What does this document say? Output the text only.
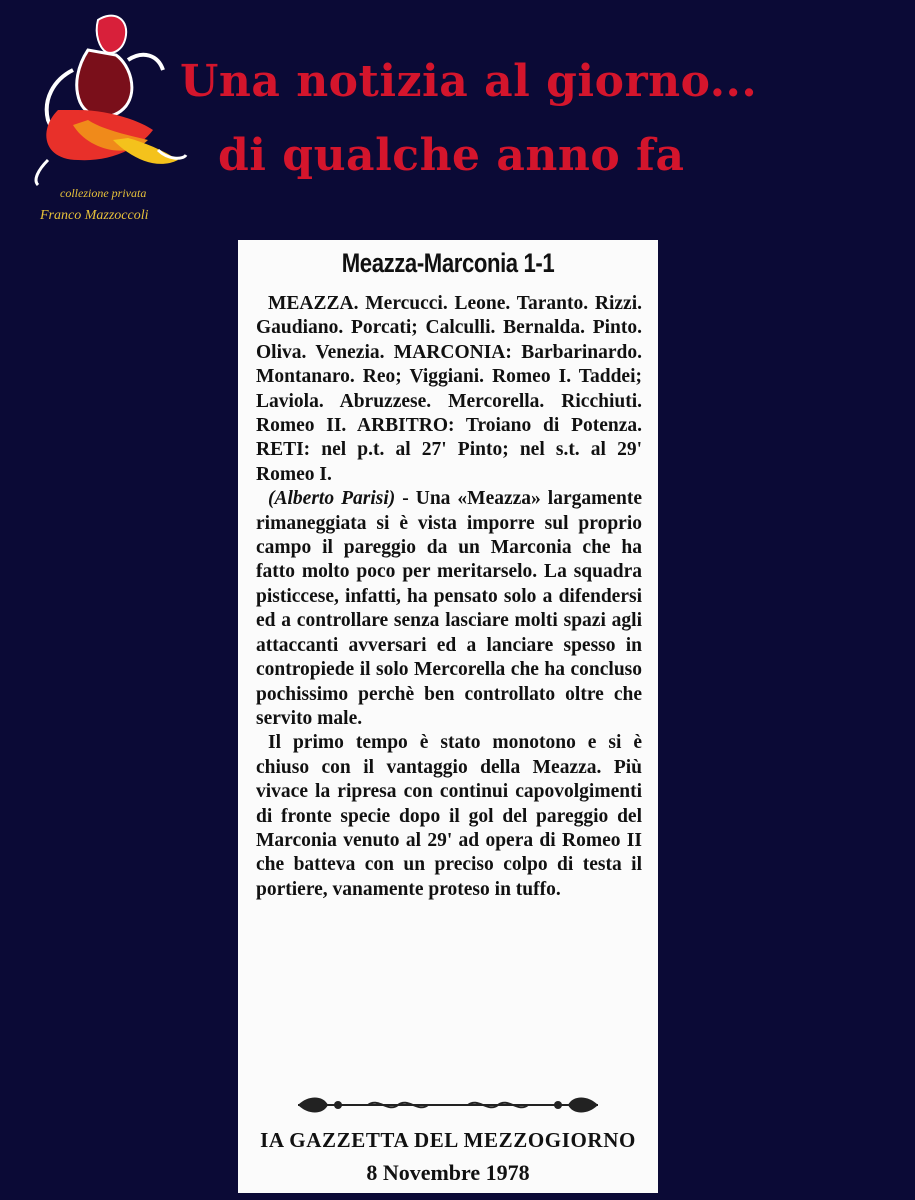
collezione privata
Franco Mazzoccoli
Una notizia al giorno...
di qualche anno fa
Meazza-Marconia 1-1

MEAZZA. Mercucci. Leone. Taranto. Rizzi. Gaudiano. Porcati; Calculli. Bernalda. Pinto. Oliva. Venezia. MARCONIA: Barbarinardo. Montanaro. Reo; Viggiani. Romeo I. Taddei; Laviola. Abruzzese. Mercorella. Ricchiuti. Romeo II. ARBITRO: Troiano di Potenza. RETI: nel p.t. al 27' Pinto; nel s.t. al 29' Romeo I.

(Alberto Parisi) - Una «Meazza» largamente rimaneggiata si è vista imporre sul proprio campo il pareggio da un Marconia che ha fatto molto poco per meritarselo. La squadra pisticcese, infatti, ha pensato solo a difendersi ed a controllare senza lasciare molti spazi agli attaccanti avversari ed a lanciare spesso in contropiede il solo Mercorella che ha concluso pochissimo perchè ben controllato oltre che servito male.

Il primo tempo è stato monotono e si è chiuso con il vantaggio della Meazza. Più vivace la ripresa con continui capovolgimenti di fronte specie dopo il gol del pareggio del Marconia venuto al 29' ad opera di Romeo II che batteva con un preciso colpo di testa il portiere, vanamente proteso in tuffo.

IA GAZZETTA DEL MEZZOGIORNO
8 Novembre 1978
